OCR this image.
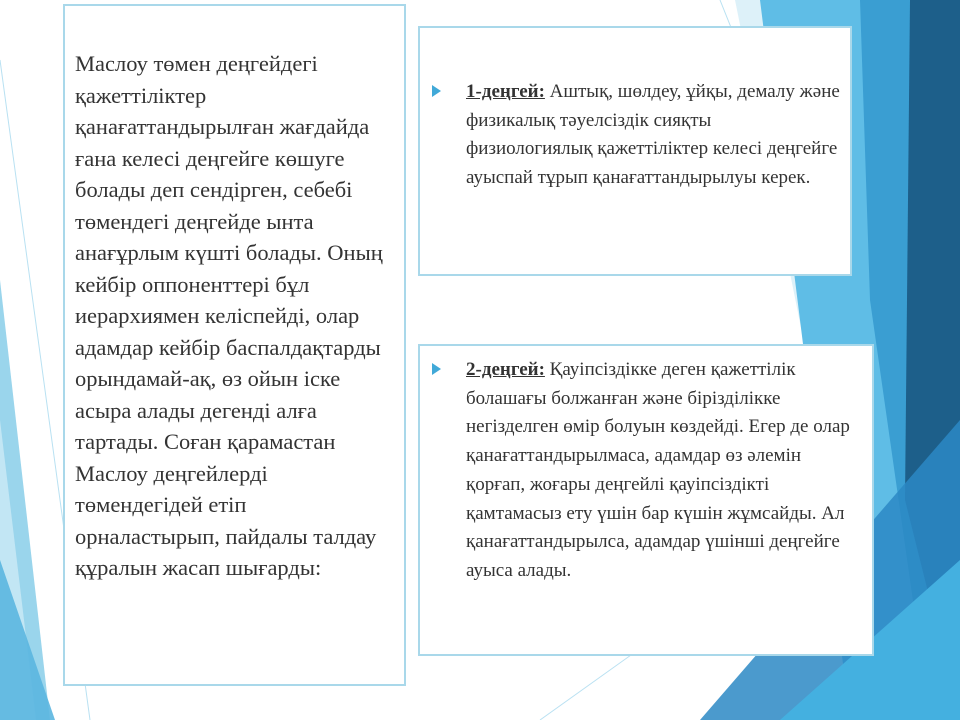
Маслоу төмен деңгейдегі қажеттіліктер қанағаттандырылған жағдайда ғана келесі деңгейге көшуге болады деп сендірген, себебі төмендегі деңгейде ынта анағұрлым күшті болады. Оның кейбір оппоненттері бұл иерархиямен келіспейді, олар адамдар кейбір баспалдақтарды орындамай-ақ, өз ойын іске асыра алады дегенді алға тартады. Соған қарамастан Маслоу деңгейлерді төмендегідей етіп орналастырып, пайдалы талдау құралын жасап шығарды:

1-деңгей: Аштық, шөлдеу, ұйқы, демалу және физикалық тәуелсіздік сияқты физиологиялық қажеттіліктер келесі деңгейге ауыспай тұрып қанағаттандырылуы керек.

2-деңгей: Қауіпсіздікке деген қажеттілік болашағы болжанған және бірізділікке негізделген өмір болуын көздейді. Егер де олар қанағаттандырылмаса, адамдар өз әлемін қорғап, жоғары деңгейлі қауіпсіздікті қамтамасыз ету үшін бар күшін жұмсайды. Ал қанағаттандырылса, адамдар үшінші деңгейге ауыса алады.
